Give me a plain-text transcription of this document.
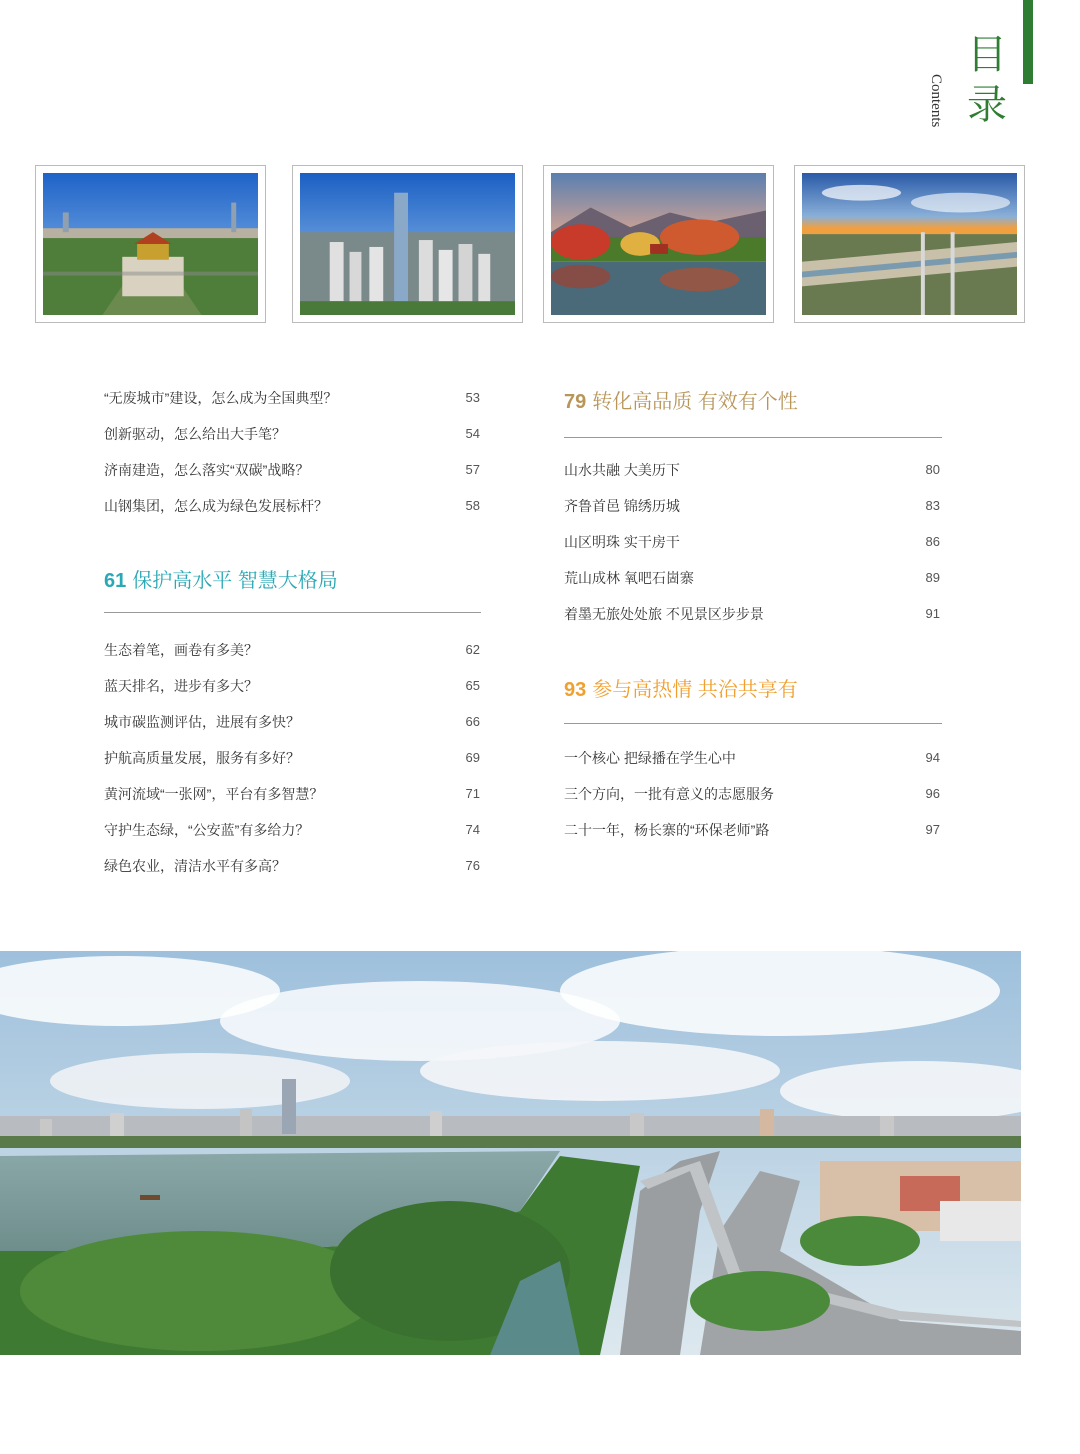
目录
Contents
“无废城市”建设，怎么成为全国典型？	53
创新驱动，怎么给出大手笔？	54
济南建造，怎么落实“双碳”战略？	57
山钢集团，怎么成为绿色发展标杆？	58
61 保护高水平 智慧大格局
生态着笔，画卷有多美？	62
蓝天排名，进步有多大？	65
城市碳监测评估，进展有多快？	66
护航高质量发展，服务有多好？	69
黄河流域“一张网”，平台有多智慧？	71
守护生态绿，“公安蓝”有多给力？	74
绿色农业，清洁水平有多高？	76
79 转化高品质 有效有个性
山水共融 大美历下	80
齐鲁首邑 锦绣历城	83
山区明珠 实干房干	86
荒山成林 氧吧石崮寨	89
着墨无旅处处旅 不见景区步步景	91
93 参与高热情 共治共享有
一个核心 把绿播在学生心中	94
三个方向，一批有意义的志愿服务	96
二十一年，杨长寨的“环保老师”路	97
